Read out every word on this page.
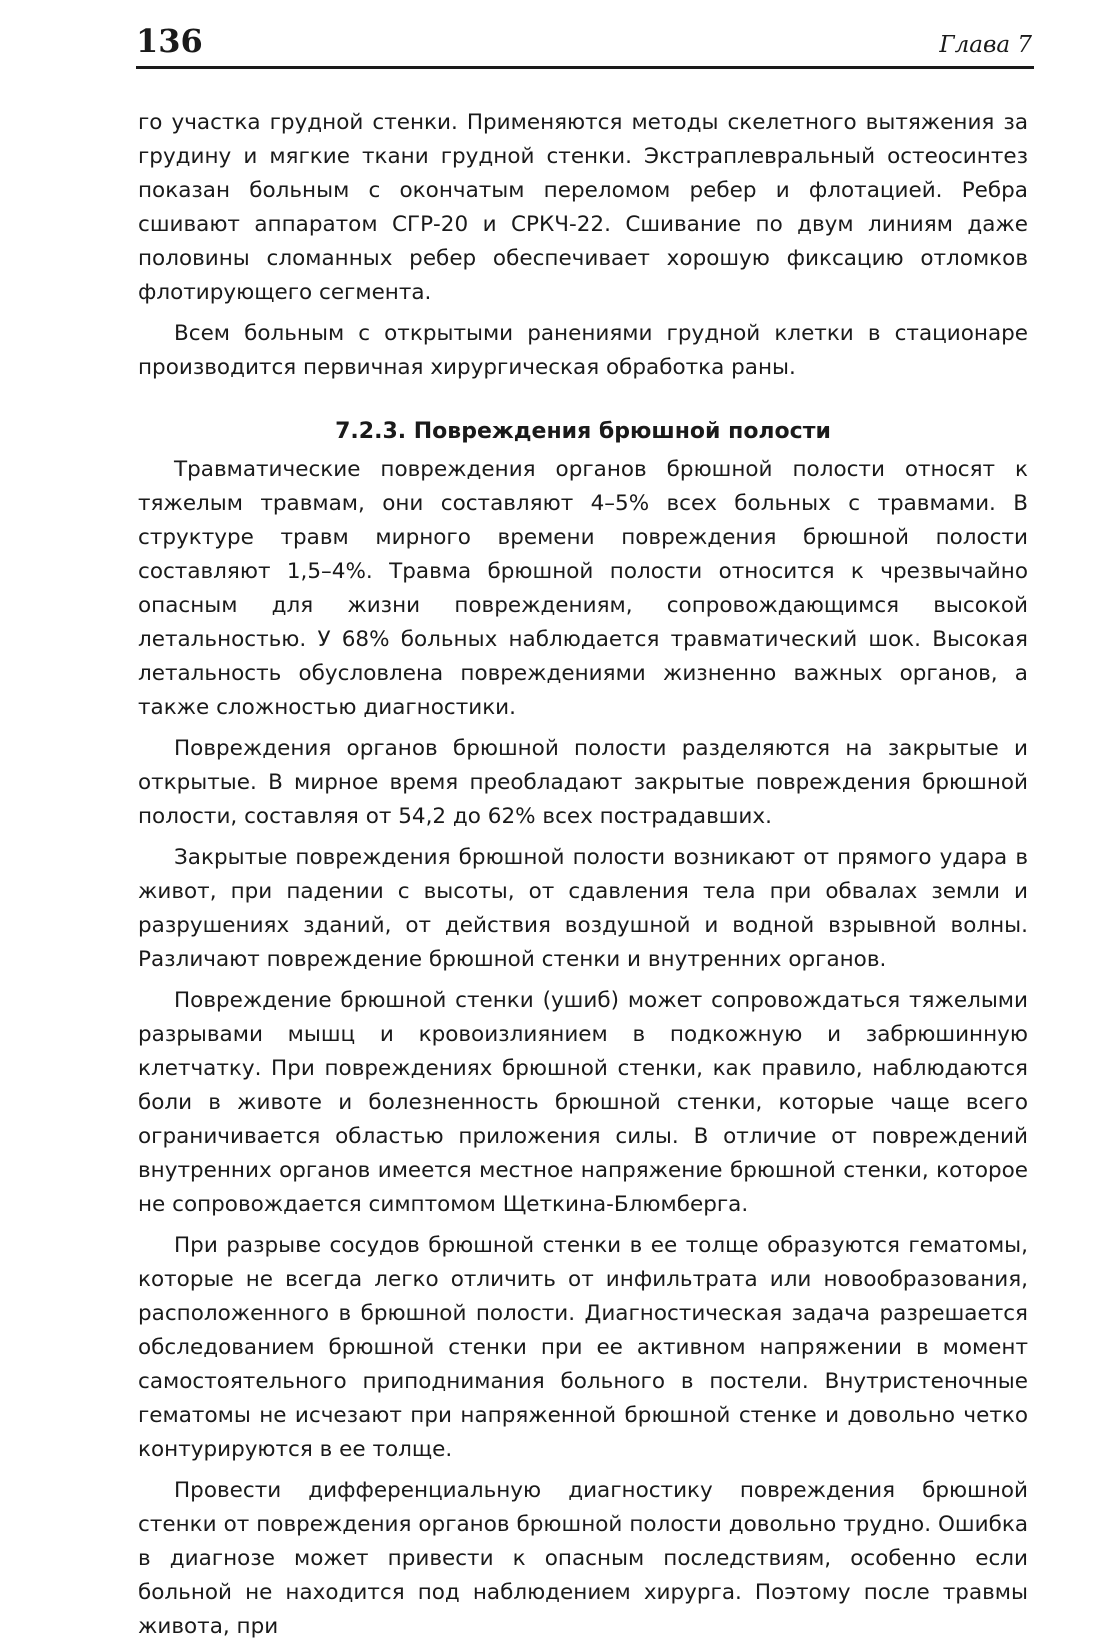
136	Глава 7

го участка грудной стенки. Применяются методы скелетного вытяжения за грудину и мягкие ткани грудной стенки. Экстраплевральный остеосинтез показан больным с окончатым переломом ребер и флотацией. Ребра сшивают аппаратом СГР-20 и СРКЧ-22. Сшивание по двум линиям даже половины сломанных ребер обеспечивает хорошую фиксацию отломков флотирующего сегмента.

Всем больным с открытыми ранениями грудной клетки в стационаре производится первичная хирургическая обработка раны.

7.2.3. Повреждения брюшной полости

Травматические повреждения органов брюшной полости относят к тяжелым травмам, они составляют 4–5% всех больных с травмами. В структуре травм мирного времени повреждения брюшной полости составляют 1,5–4%. Травма брюшной полости относится к чрезвычайно опасным для жизни повреждениям, сопровождающимся высокой летальностью. У 68% больных наблюдается травматический шок. Высокая летальность обусловлена повреждениями жизненно важных органов, а также сложностью диагностики.

Повреждения органов брюшной полости разделяются на закрытые и открытые. В мирное время преобладают закрытые повреждения брюшной полости, составляя от 54,2 до 62% всех пострадавших.

Закрытые повреждения брюшной полости возникают от прямого удара в живот, при падении с высоты, от сдавления тела при обвалах земли и разрушениях зданий, от действия воздушной и водной взрывной волны. Различают повреждение брюшной стенки и внутренних органов.

Повреждение брюшной стенки (ушиб) может сопровождаться тяжелыми разрывами мышц и кровоизлиянием в подкожную и забрюшинную клетчатку. При повреждениях брюшной стенки, как правило, наблюдаются боли в животе и болезненность брюшной стенки, которые чаще всего ограничивается областью приложения силы. В отличие от повреждений внутренних органов имеется местное напряжение брюшной стенки, которое не сопровождается симптомом Щеткина-Блюмберга.

При разрыве сосудов брюшной стенки в ее толще образуются гематомы, которые не всегда легко отличить от инфильтрата или новообразования, расположенного в брюшной полости. Диагностическая задача разрешается обследованием брюшной стенки при ее активном напряжении в момент самостоятельного приподнимания больного в постели. Внутристеночные гематомы не исчезают при напряженной брюшной стенке и довольно четко контурируются в ее толще.

Провести дифференциальную диагностику повреждения брюшной стенки от повреждения органов брюшной полости довольно трудно. Ошибка в диагнозе может привести к опасным последствиям, особенно если больной не находится под наблюдением хирурга. Поэтому после травмы живота, при
